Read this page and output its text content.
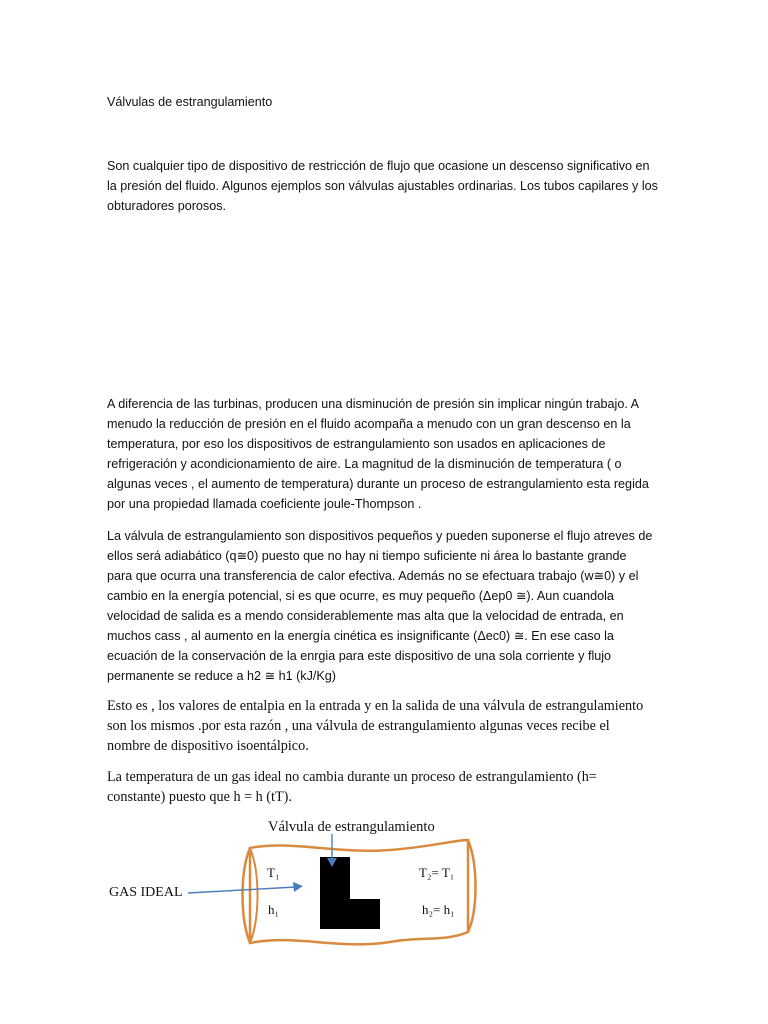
Válvulas de estrangulamiento

Son cualquier tipo de dispositivo de restricción de flujo que ocasione un descenso significativo en
la presión del fluido. Algunos ejemplos son válvulas ajustables ordinarias. Los tubos capilares y los
obturadores porosos.

A diferencia de las turbinas, producen una disminución de presión sin implicar ningún trabajo. A
menudo la reducción de presión en el fluido acompaña a menudo con un gran descenso en la
temperatura, por eso los dispositivos de estrangulamiento son usados en aplicaciones de
refrigeración y acondicionamiento de aire. La magnitud de la disminución de temperatura ( o
algunas veces , el aumento de temperatura) durante un proceso de estrangulamiento esta regida
por una propiedad llamada coeficiente joule-Thompson .

La válvula de estrangulamiento son dispositivos pequeños y pueden suponerse el flujo atreves de
ellos será adiabático (q≅0) puesto que no hay ni tiempo suficiente ni área lo bastante grande
para que ocurra una transferencia de calor efectiva. Además no se efectuara trabajo (w≅0) y el
cambio en la energía potencial, si es que ocurre, es muy pequeño (Δep0 ≅). Aun cuandola
velocidad de salida es a mendo considerablemente mas alta que la velocidad de entrada, en
muchos cass , al aumento en la energía cinética es insignificante (Δec0) ≅. En ese caso la
ecuación de la conservación de la enrgia para este dispositivo de una sola corriente y flujo
permanente se reduce a h2 ≅ h1 (kJ/Kg)

Esto es , los valores de entalpia en la entrada y en la salida de una válvula de estrangulamiento
son los mismos .por esta razón , una válvula de estrangulamiento algunas veces recibe el
nombre de dispositivo isoentálpico.

La temperatura de un gas ideal no cambia durante un proceso de estrangulamiento (h=
constante) puesto que h = h (tT).

Válvula de estrangulamiento
GAS IDEAL
T₁
h₁
T₂= T₁
h₂= h₁
